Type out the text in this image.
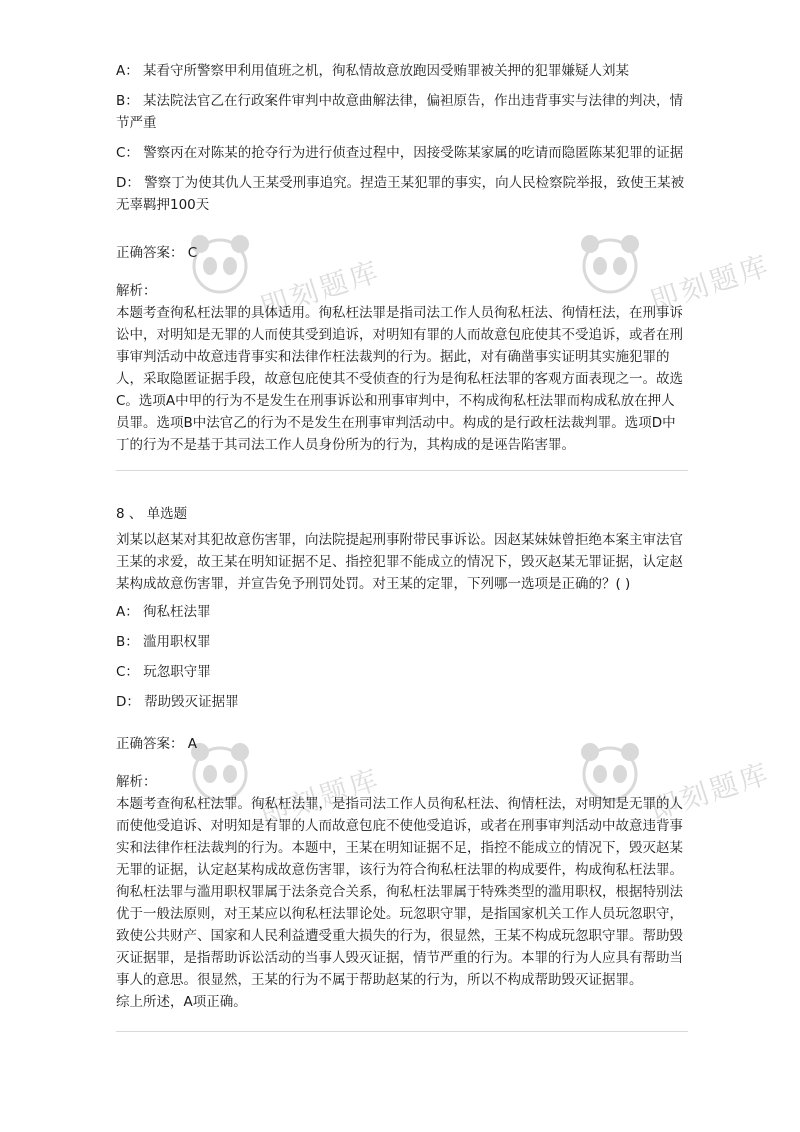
即刻题库	即刻题库
即刻题库	即刻题库
A： 某看守所警察甲利用值班之机，徇私情故意放跑因受贿罪被关押的犯罪嫌疑人刘某
B： 某法院法官乙在行政案件审判中故意曲解法律，偏袒原告，作出违背事实与法律的判决，情节严重
C： 警察丙在对陈某的抢夺行为进行侦查过程中，因接受陈某家属的吃请而隐匿陈某犯罪的证据
D： 警察丁为使其仇人王某受刑事追究。捏造王某犯罪的事实，向人民检察院举报，致使王某被无辜羁押100天
正确答案： C
解析：

本题考查徇私枉法罪的具体适用。徇私枉法罪是指司法工作人员徇私枉法、徇情枉法，在刑事诉讼中，对明知是无罪的人而使其受到追诉，对明知有罪的人而故意包庇使其不受追诉，或者在刑事审判活动中故意违背事实和法律作枉法裁判的行为。据此，对有确凿事实证明其实施犯罪的人，采取隐匿证据手段，故意包庇使其不受侦查的行为是徇私枉法罪的客观方面表现之一。故选C。选项A中甲的行为不是发生在刑事诉讼和刑事审判中，不构成徇私枉法罪而构成私放在押人员罪。选项B中法官乙的行为不是发生在刑事审判活动中。构成的是行政枉法裁判罪。选项D中丁的行为不是基于其司法工作人员身份所为的行为，其构成的是诬告陷害罪。

8 、 单选题
刘某以赵某对其犯故意伤害罪，向法院提起刑事附带民事诉讼。因赵某妹妹曾拒绝本案主审法官王某的求爱，故王某在明知证据不足、指控犯罪不能成立的情况下，毁灭赵某无罪证据，认定赵某构成故意伤害罪，并宣告免予刑罚处罚。对王某的定罪，下列哪一选项是正确的？( )
A： 徇私枉法罪
B： 滥用职权罪
C： 玩忽职守罪
D： 帮助毁灭证据罪
正确答案： A
解析：

本题考查徇私枉法罪。徇私枉法罪，是指司法工作人员徇私枉法、徇情枉法，对明知是无罪的人而使他受追诉、对明知是有罪的人而故意包庇不使他受追诉，或者在刑事审判活动中故意违背事实和法律作枉法裁判的行为。本题中，王某在明知证据不足，指控不能成立的情况下，毁灭赵某无罪的证据，认定赵某构成故意伤害罪，该行为符合徇私枉法罪的构成要件，构成徇私枉法罪。

徇私枉法罪与滥用职权罪属于法条竞合关系，徇私枉法罪属于特殊类型的滥用职权，根据特别法优于一般法原则，对王某应以徇私枉法罪论处。玩忽职守罪，是指国家机关工作人员玩忽职守，致使公共财产、国家和人民利益遭受重大损失的行为，很显然，王某不构成玩忽职守罪。帮助毁灭证据罪，是指帮助诉讼活动的当事人毁灭证据，情节严重的行为。本罪的行为人应具有帮助当事人的意思。很显然，王某的行为不属于帮助赵某的行为，所以不构成帮助毁灭证据罪。

综上所述，A项正确。
